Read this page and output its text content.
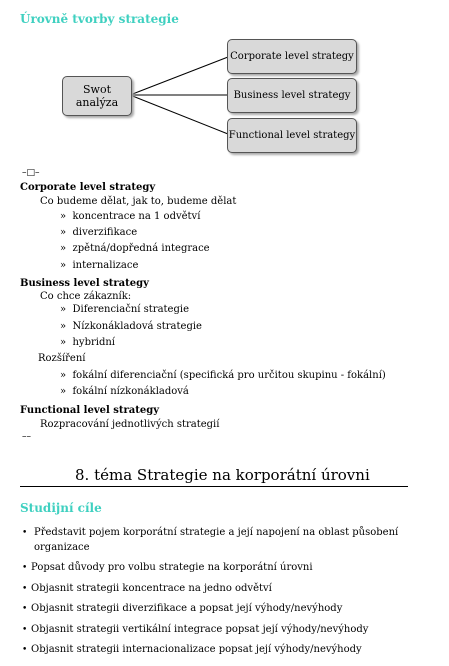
Úrovně tvorby strategie
Swot analýza
Corporate level strategy
Business level strategy
Functional level strategy
–□–
Corporate level strategy
Co budeme dělat, jak to, budeme dělat
» koncentrace na 1 odvětví
» diverzifikace
» zpětná/dopředná integrace
» internalizace
Business level strategy
Co chce zákazník:
» Diferenciační strategie
» Nízkonákladová strategie
» hybridní
Rozšíření
» fokální diferenciační (specifická pro určitou skupinu - fokální)
» fokální nízkonákladová
Functional level strategy
Rozpracování jednotlivých strategií
––
8. téma Strategie na korporátní úrovni
Studijní cíle
• Představit pojem korporátní strategie a její napojení na oblast působení
organizace
• Popsat důvody pro volbu strategie na korporátní úrovni
• Objasnit strategii koncentrace na jedno odvětví
• Objasnit strategii diverzifikace a popsat její výhody/nevýhody
• Objasnit strategii vertikální integrace popsat její výhody/nevýhody
• Objasnit strategii internacionalizace popsat její výhody/nevýhody
